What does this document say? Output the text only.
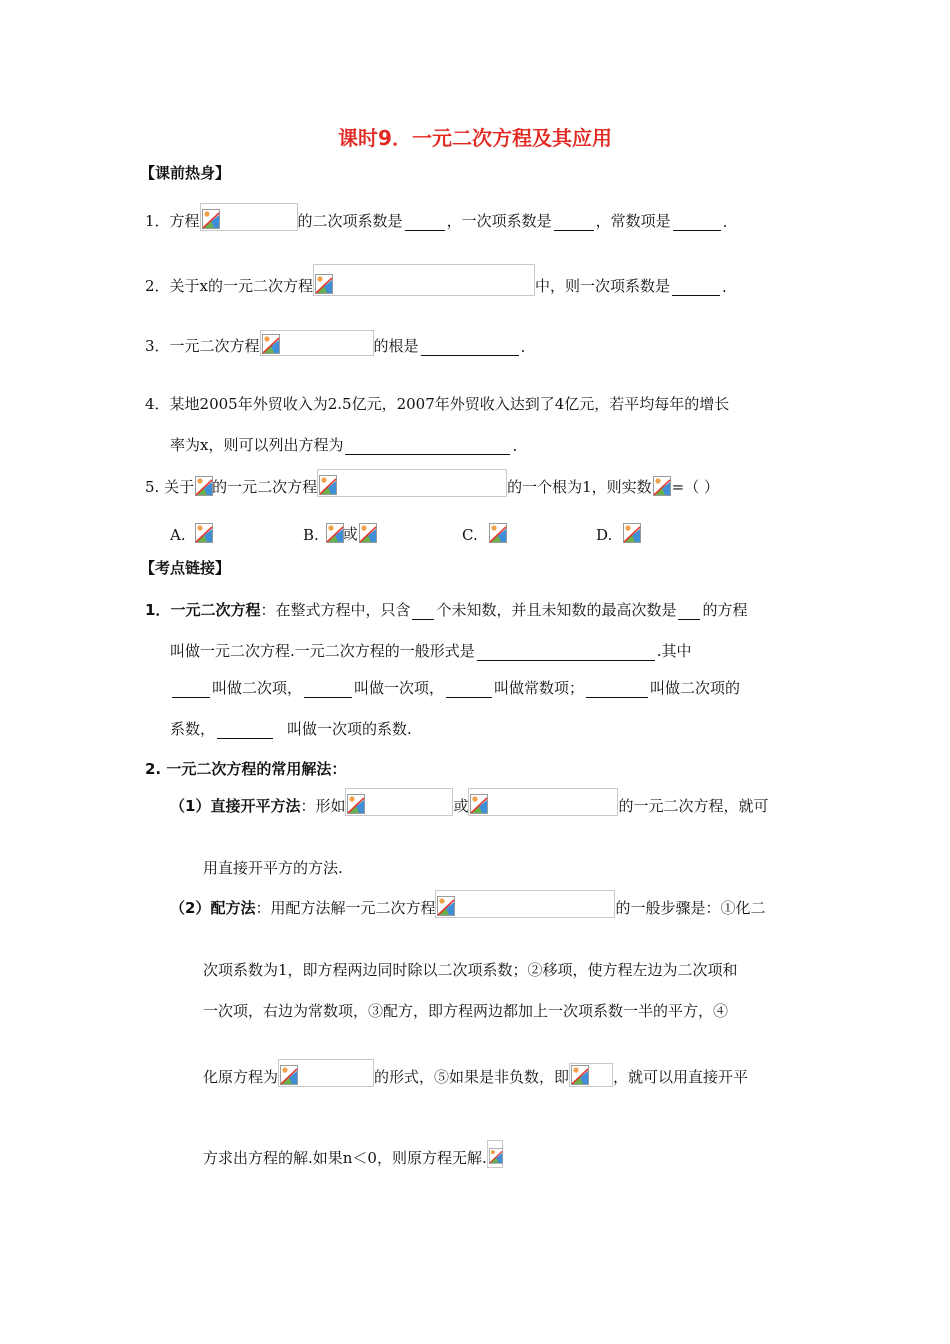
课时9．一元二次方程及其应用
【课前热身】
1．方程	的二次项系数是	，一次项系数是	，常数项是	.
2．关于x的一元二次方程	中，则一次项系数是	.
3．一元二次方程	的根是	.
4．某地2005年外贸收入为2.5亿元，2007年外贸收入达到了4亿元，若平均每年的增长
率为x，则可以列出方程为	.
5. 关于 的一元二次方程	的一个根为1，则实数 =（ ）
A.	B. 或	C.	D.
【考点链接】
1． 一元二次方程 ：在整式方程中，只含 个未知数，并且未知数的最高次数是 的方程
叫做一元二次方程.一元二次方程的一般形式是	.其中
叫做二次项，	叫做一次项，	叫做常数项；	叫做二次项的
系数，	叫做一次项的系数.
2. 一元二次方程的常用解法：
（1） 直接开平方法 ：形如	或	的一元二次方程，就可
用直接开平方的方法.
（2） 配方法 ：用配方法解一元二次方程	的一般步骤是：①化二
次项系数为1，即方程两边同时除以二次项系数；②移项，使方程左边为二次项和
一次项，右边为常数项，③配方，即方程两边都加上一次项系数一半的平方，④
化原方程为	的形式，⑤如果是非负数，即	，就可以用直接开平
方求出方程的解.如果n＜0，则原方程无解.
